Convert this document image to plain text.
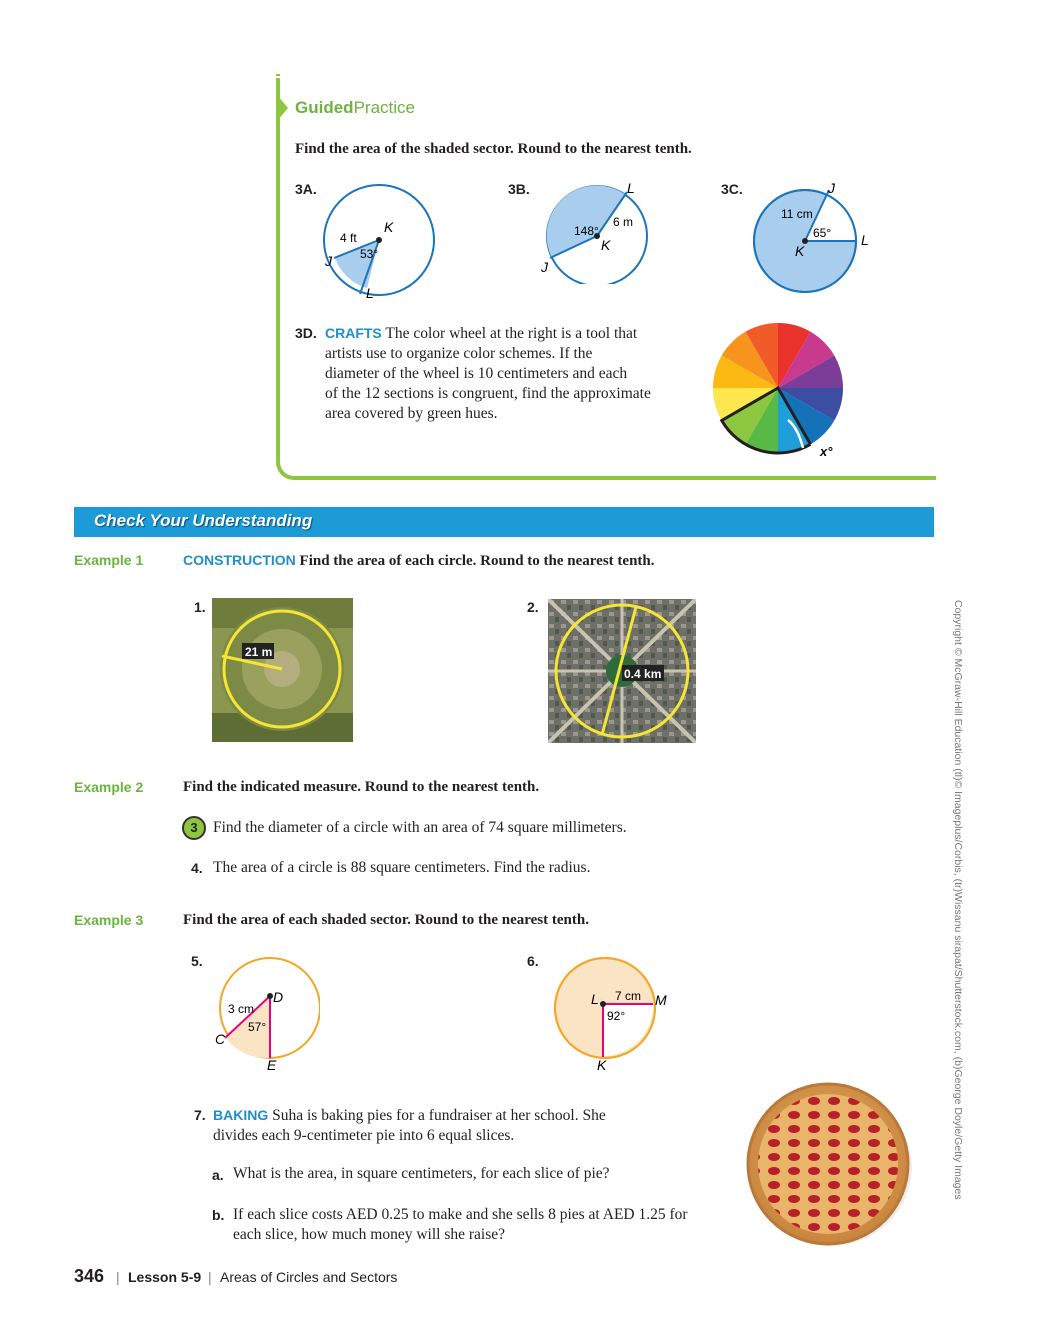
GuidedPractice
Find the area of the shaded sector. Round to the nearest tenth.
3A.
K
J
L
4 ft
53°
3B.	L
K
J
6 m
148°
3C.	J
K
L
11 cm
65°
3D. CRAFTS The color wheel at the right is a tool that
artists use to organize color schemes. If the
diameter of the wheel is 10 centimeters and each
of the 12 sections is congruent, find the approximate
area covered by green hues.
x°
Check Your Understanding
Example 1	CONSTRUCTION Find the area of each circle. Round to the nearest tenth.
1.
21 m
2.
0.4 km
Example 2	Find the indicated measure. Round to the nearest tenth.
3 Find the diameter of a circle with an area of 74 square millimeters.
4. The area of a circle is 88 square centimeters. Find the radius.
Example 3	Find the area of each shaded sector. Round to the nearest tenth.
5.
D
C
E
3 cm
57°
6.
L	M
K
7 cm
92°
7. BAKING Suha is baking pies for a fundraiser at her school. She
divides each 9-centimeter pie into 6 equal slices.
a. What is the area, in square centimeters, for each slice of pie?
b. If each slice costs AED 0.25 to make and she sells 8 pies at AED 1.25 for
each slice, how much money will she raise?
Copyright © McGraw-Hill Education (tl)© Imageplus/Corbis, (tr)Wissanu sirapat/Shutterstock.com, (b)George Doyle/Getty Images
346 | Lesson 5-9 | Areas of Circles and Sectors
